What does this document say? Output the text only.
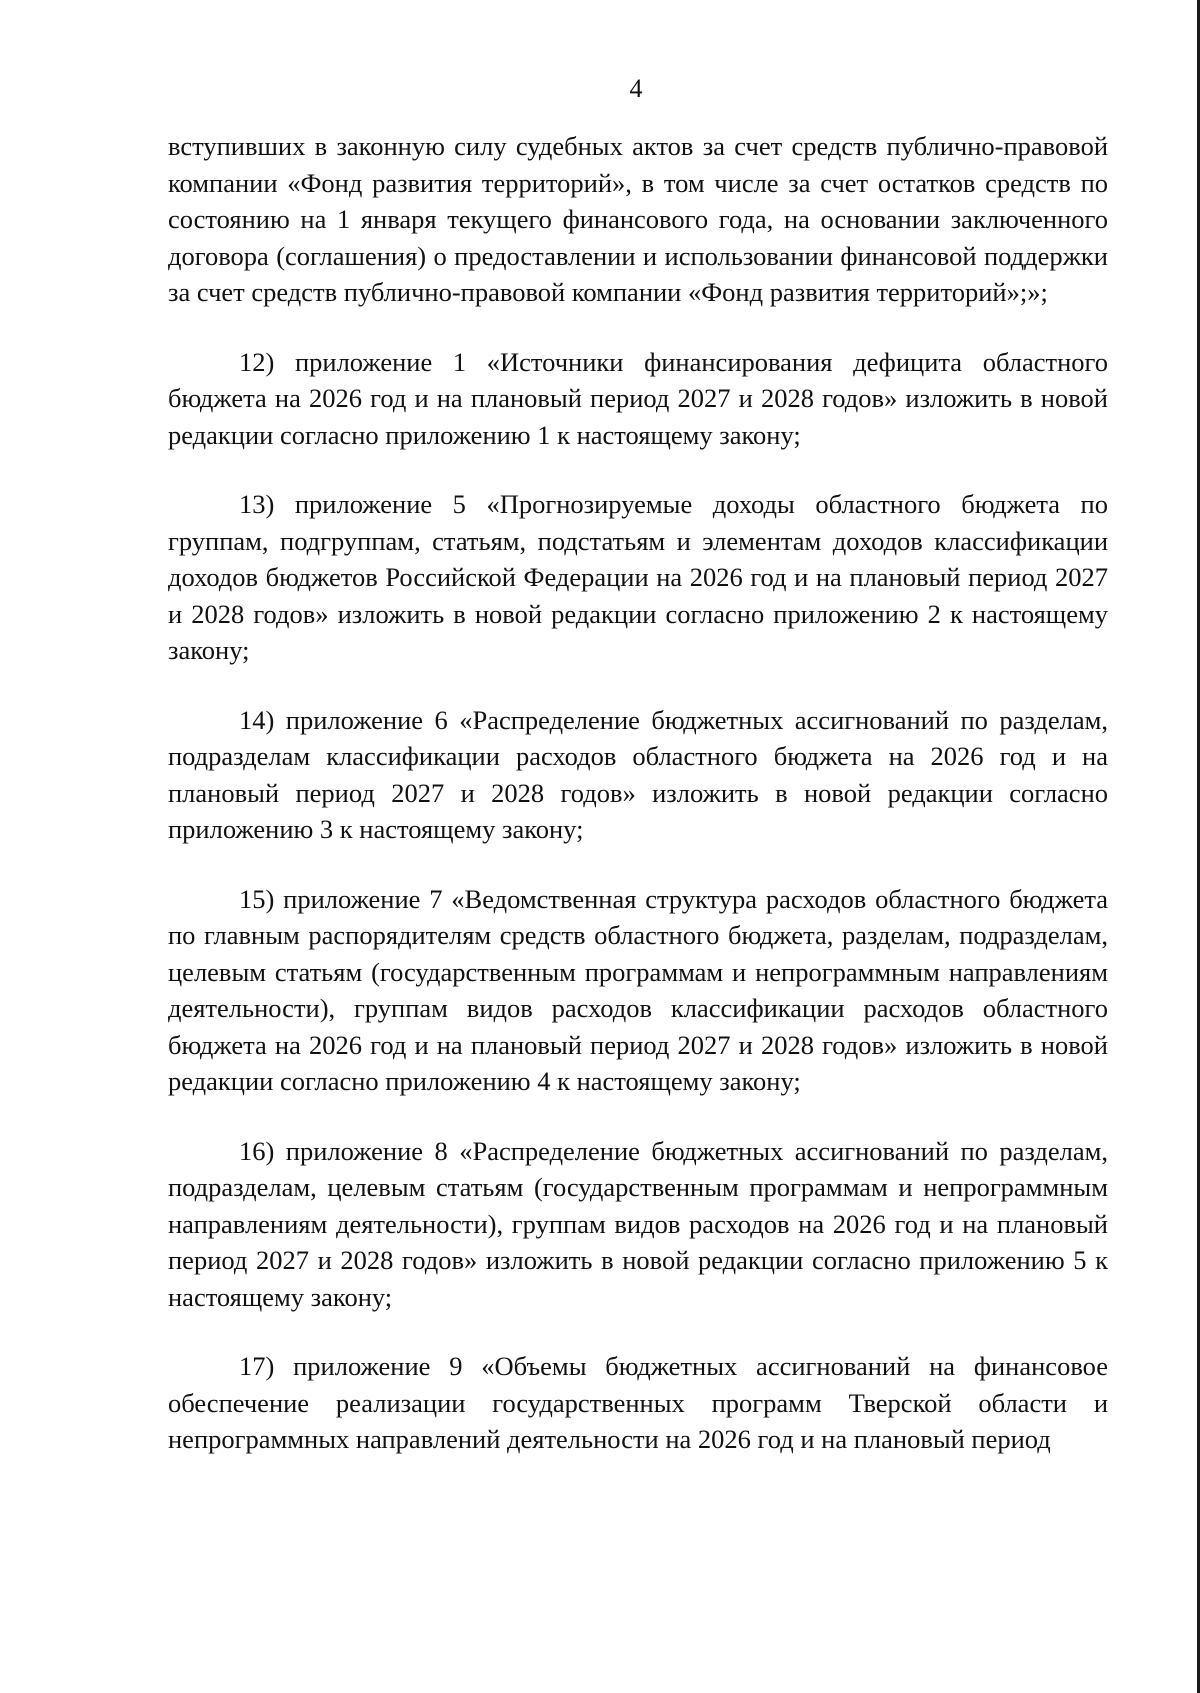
4

вступивших в законную силу судебных актов за счет средств публично-правовой компании «Фонд развития территорий», в том числе за счет остатков средств по состоянию на 1 января текущего финансового года, на основании заключенного договора (соглашения) о предоставлении и использовании финансовой поддержки за счет средств публично-правовой компании «Фонд развития территорий»;»;

12) приложение 1 «Источники финансирования дефицита областного бюджета на 2026 год и на плановый период 2027 и 2028 годов» изложить в новой редакции согласно приложению 1 к настоящему закону;

13) приложение 5 «Прогнозируемые доходы областного бюджета по группам, подгруппам, статьям, подстатьям и элементам доходов классификации доходов бюджетов Российской Федерации на 2026 год и на плановый период 2027 и 2028 годов» изложить в новой редакции согласно приложению 2 к настоящему закону;

14) приложение 6 «Распределение бюджетных ассигнований по разделам, подразделам классификации расходов областного бюджета на 2026 год и на плановый период 2027 и 2028 годов» изложить в новой редакции согласно приложению 3 к настоящему закону;

15) приложение 7 «Ведомственная структура расходов областного бюджета по главным распорядителям средств областного бюджета, разделам, подразделам, целевым статьям (государственным программам и непрограммным направлениям деятельности), группам видов расходов классификации расходов областного бюджета на 2026 год и на плановый период 2027 и 2028 годов» изложить в новой редакции согласно приложению 4 к настоящему закону;

16) приложение 8 «Распределение бюджетных ассигнований по разделам, подразделам, целевым статьям (государственным программам и непрограммным направлениям деятельности), группам видов расходов на 2026 год и на плановый период 2027 и 2028 годов» изложить в новой редакции согласно приложению 5 к настоящему закону;

17) приложение 9 «Объемы бюджетных ассигнований на финансовое обеспечение реализации государственных программ Тверской области и непрограммных направлений деятельности на 2026 год и на плановый период
